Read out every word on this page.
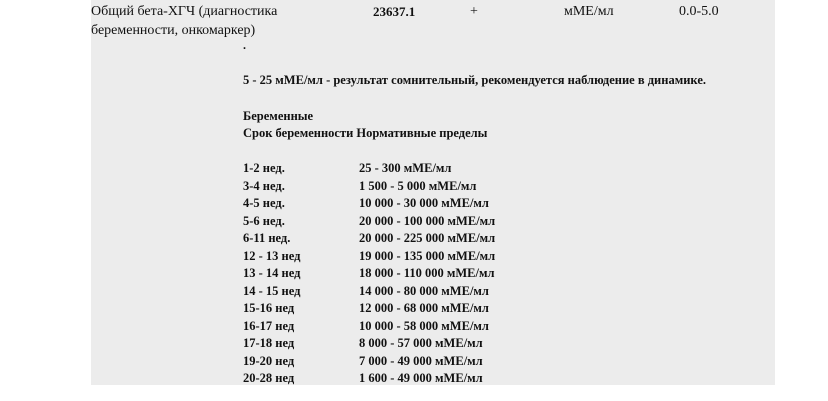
Общий бета-ХГЧ (диагностика беременности, онкомаркер)
23637.1	+	мМЕ/мл	0.0-5.0
.
5 - 25 мМЕ/мл - результат сомнительный, рекомендуется наблюдение в динамике.
Беременные
Срок беременности Нормативные пределы
1-2 нед.	25 - 300 мМЕ/мл
3-4 нед.	1 500 - 5 000 мМЕ/мл
4-5 нед.	10 000 - 30 000 мМЕ/мл
5-6 нед.	20 000 - 100 000 мМЕ/мл
6-11 нед.	20 000 - 225 000 мМЕ/мл
12 - 13 нед	19 000 - 135 000 мМЕ/мл
13 - 14 нед	18 000 - 110 000 мМЕ/мл
14 - 15 нед	14 000 - 80 000 мМЕ/мл
15-16 нед	12 000 - 68 000 мМЕ/мл
16-17 нед	10 000 - 58 000 мМЕ/мл
17-18 нед	8 000 - 57 000 мМЕ/мл
19-20 нед	7 000 - 49 000 мМЕ/мл
20-28 нед	1 600 - 49 000 мМЕ/мл
